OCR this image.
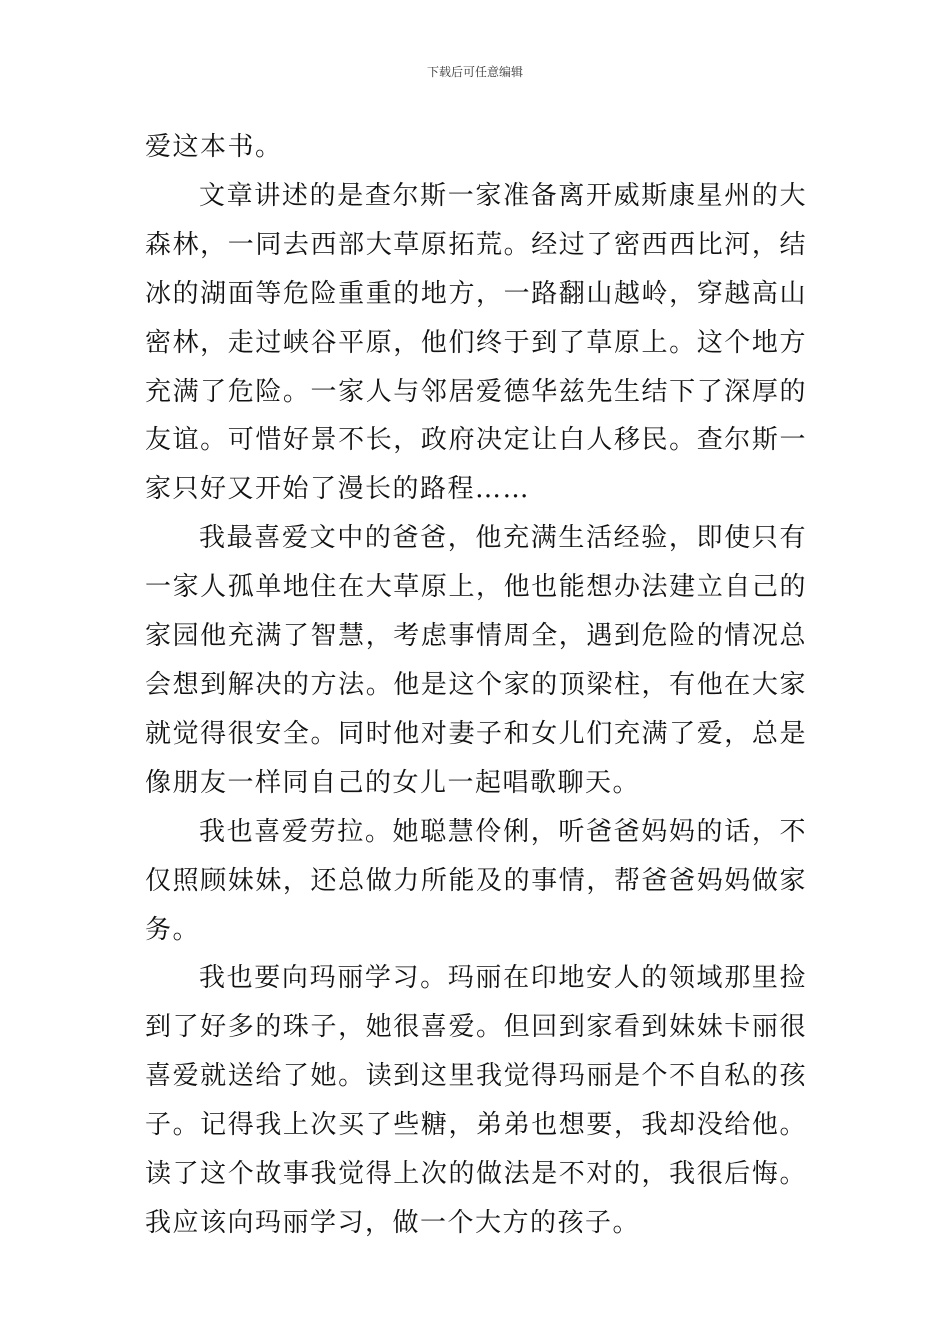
下载后可任意编辑

爱这本书。

文章讲述的是查尔斯一家准备离开威斯康星州的大森林，一同去西部大草原拓荒。经过了密西西比河，结冰的湖面等危险重重的地方，一路翻山越岭，穿越高山密林，走过峡谷平原，他们终于到了草原上。这个地方充满了危险。一家人与邻居爱德华兹先生结下了深厚的友谊。可惜好景不长，政府决定让白人移民。查尔斯一家只好又开始了漫长的路程……

我最喜爱文中的爸爸，他充满生活经验，即使只有一家人孤单地住在大草原上，他也能想办法建立自己的家园他充满了智慧，考虑事情周全，遇到危险的情况总会想到解决的方法。他是这个家的顶梁柱，有他在大家就觉得很安全。同时他对妻子和女儿们充满了爱，总是像朋友一样同自己的女儿一起唱歌聊天。

我也喜爱劳拉。她聪慧伶俐，听爸爸妈妈的话，不仅照顾妹妹，还总做力所能及的事情，帮爸爸妈妈做家务。

我也要向玛丽学习。玛丽在印地安人的领域那里捡到了好多的珠子，她很喜爱。但回到家看到妹妹卡丽很喜爱就送给了她。读到这里我觉得玛丽是个不自私的孩子。记得我上次买了些糖，弟弟也想要，我却没给他。读了这个故事我觉得上次的做法是不对的，我很后悔。我应该向玛丽学习，做一个大方的孩子。
